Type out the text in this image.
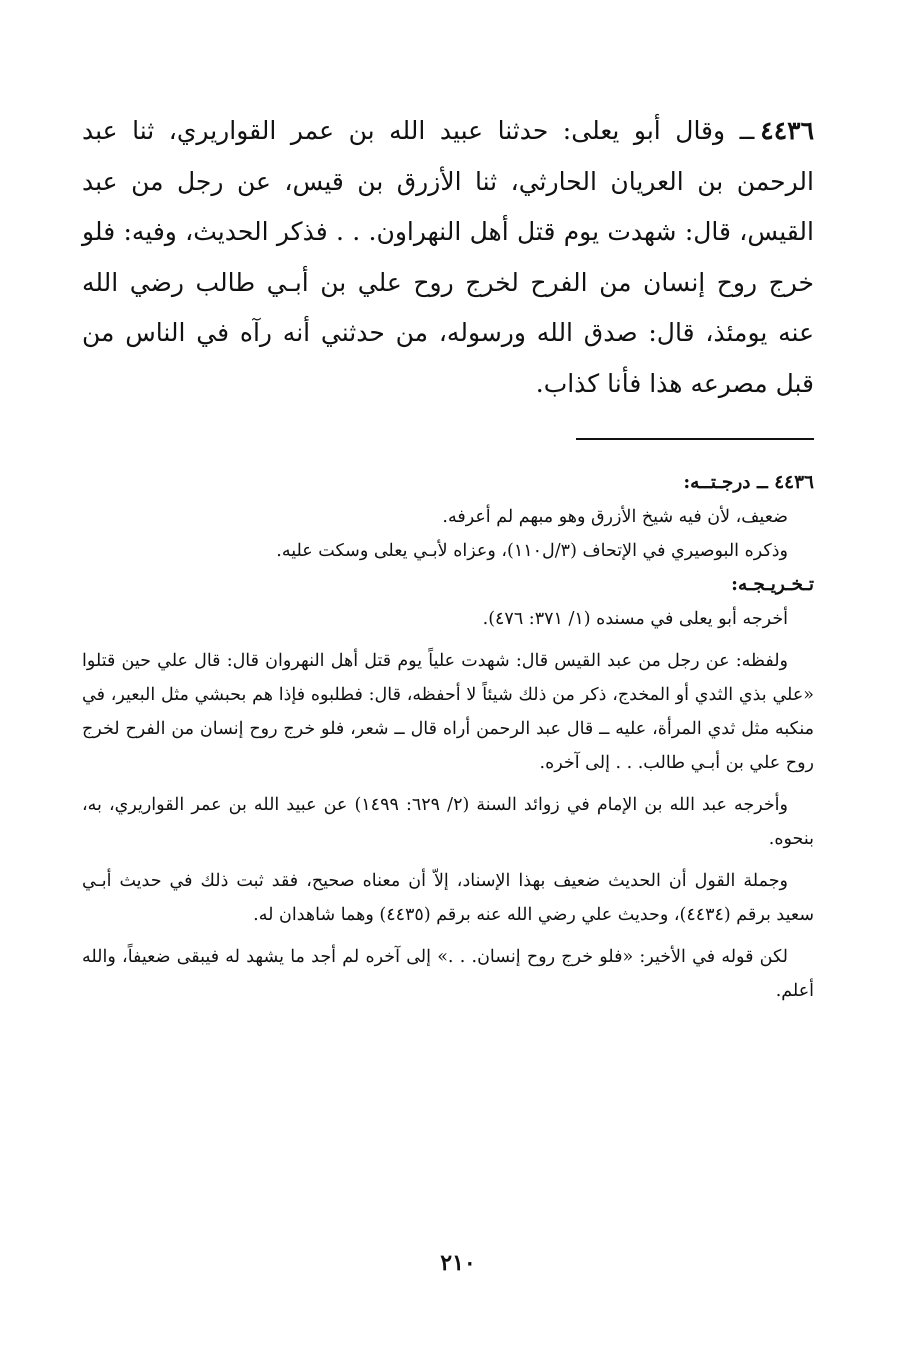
٤٤٣٦ــ وقال أبو يعلى: حدثنا عبيد الله بن عمر القواريري، ثنا عبد الرحمن بن العريان الحارثي، ثنا الأزرق بن قيس، عن رجل من عبد القيس، قال: شهدت يوم قتل أهل النهراون. . . فذكر الحديث، وفيه: فلو خرج روح إنسان من الفرح لخرج روح علي بن أبـي طالب رضي الله عنه يومئذ، قال: صدق الله ورسوله، من حدثني أنه رآه في الناس من قبل مصرعه هذا فأنا كذاب.

٤٤٣٦ ــ درجـتــه:

ضعيف، لأن فيه شيخ الأزرق وهو مبهم لم أعرفه.

وذكره البوصيري في الإتحاف (٣/ل١١٠)، وعزاه لأبـي يعلى وسكت عليه.

تـخـريـجـه:

أخرجه أبو يعلى في مسنده (١/ ٣٧١: ٤٧٦).

ولفظه: عن رجل من عبد القيس قال: شهدت علياً يوم قتل أهل النهروان قال: قال علي حين قتلوا «علي بذي الثدي أو المخدج، ذكر من ذلك شيئاً لا أحفظه، قال: فطلبوه فإذا هم بحبشي مثل البعير، في منكبه مثل ثدي المرأة، عليه ــ قال عبد الرحمن أراه قال ــ شعر، فلو خرج روح إنسان من الفرح لخرج روح علي بن أبـي طالب. . . إلى آخره.

وأخرجه عبد الله بن الإمام في زوائد السنة (٢/ ٦٢٩: ١٤٩٩) عن عبيد الله بن عمر القواريري، به، بنحوه.

وجملة القول أن الحديث ضعيف بهذا الإسناد، إلاّ أن معناه صحيح، فقد ثبت ذلك في حديث أبـي سعيد برقم (٤٤٣٤)، وحديث علي رضي الله عنه برقم (٤٤٣٥) وهما شاهدان له.

لكن قوله في الأخير: «فلو خرج روح إنسان. . .» إلى آخره لم أجد ما يشهد له فيبقى ضعيفاً، والله أعلم.

٢١٠
